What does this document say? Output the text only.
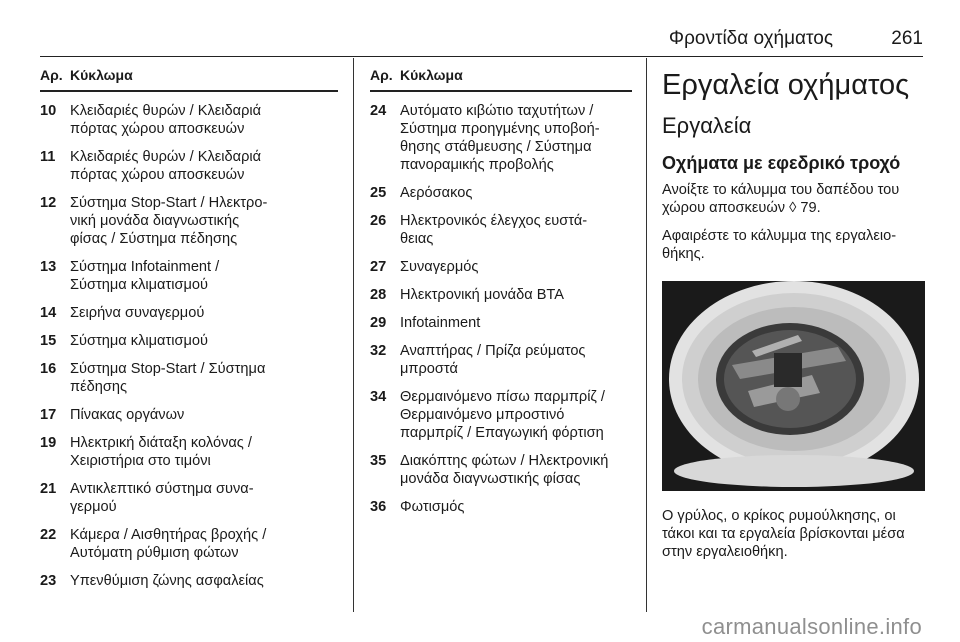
Φροντίδα οχήματος	261
Αρ. Κύκλωμα
10 Κλειδαριές θυρών / Κλειδαριά
πόρτας χώρου αποσκευών
11 Κλειδαριές θυρών / Κλειδαριά
πόρτας χώρου αποσκευών
12 Σύστημα Stop-Start / Ηλεκτρο-
νική μονάδα διαγνωστικής
φίσας / Σύστημα πέδησης
13 Σύστημα Infotainment /
Σύστημα κλιματισμού
14 Σειρήνα συναγερμού
15 Σύστημα κλιματισμού
16 Σύστημα Stop-Start / Σύστημα
πέδησης
17 Πίνακας οργάνων
19 Ηλεκτρική διάταξη κολόνας /
Χειριστήρια στο τιμόνι
21 Αντικλεπτικό σύστημα συνα-
γερμού
22 Κάμερα / Αισθητήρας βροχής /
Αυτόματη ρύθμιση φώτων
23 Υπενθύμιση ζώνης ασφαλείας
Αρ. Κύκλωμα
24 Αυτόματο κιβώτιο ταχυτήτων /
Σύστημα προηγμένης υποβοή-
θησης στάθμευσης / Σύστημα
πανοραμικής προβολής
25 Αερόσακος
26 Ηλεκτρονικός έλεγχος ευστά-
θειας
27 Συναγερμός
28 Ηλεκτρονική μονάδα BTA
29 Infotainment
32 Αναπτήρας / Πρίζα ρεύματος
μπροστά
34 Θερμαινόμενο πίσω παρμπρίζ /
Θερμαινόμενο μπροστινό
παρμπρίζ / Επαγωγική φόρτιση
35 Διακόπτης φώτων / Ηλεκτρονική
μονάδα διαγνωστικής φίσας
36 Φωτισμός
Εργαλεία οχήματος
Εργαλεία
Οχήματα με εφεδρικό τροχό

Ανοίξτε το κάλυμμα του δαπέδου του
χώρου αποσκευών ◊ 79.

Αφαιρέστε το κάλυμμα της εργαλειο-
θήκης.

Ο γρύλος, ο κρίκος ρυμούλκησης, οι
τάκοι και τα εργαλεία βρίσκονται μέσα
στην εργαλειοθήκη.

carmanualsonline.info
